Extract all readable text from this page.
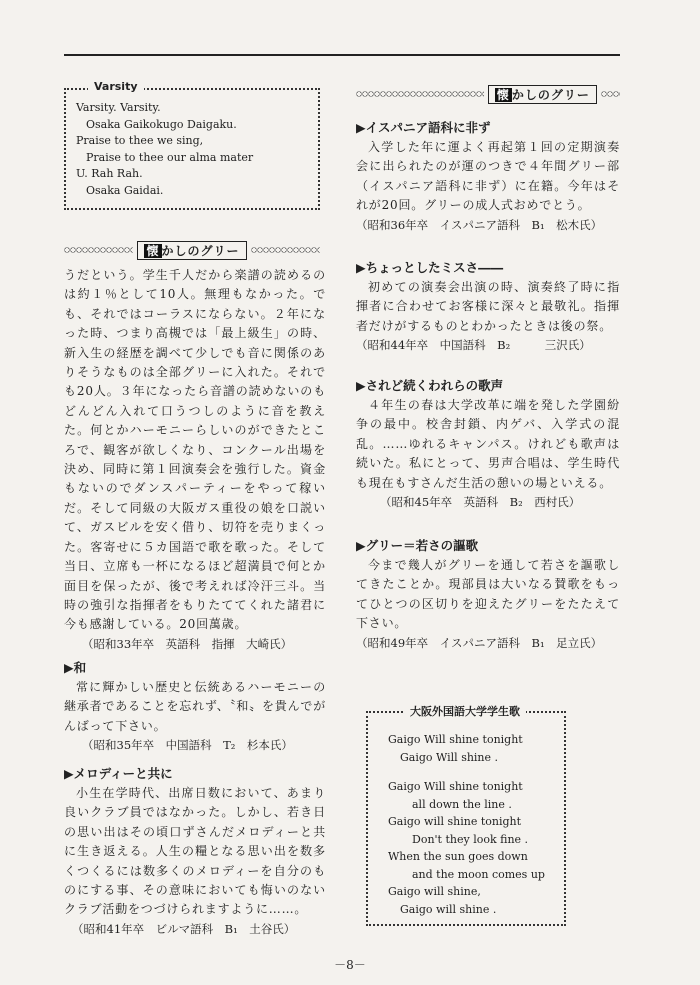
Varsity
Varsity. Varsity.
Osaka Gaikokugo Daigaku.
Praise to thee we sing,
Praise to thee our alma mater
U. Rah Rah.
Osaka Gaidai.
懐 かしのグリー

うだという。学生千人だから楽譜の読めるのは約１％として10人。無理もなかった。でも、それではコーラスにならない。２年になった時、つまり高槻では「最上級生」の時、新入生の経歴を調べて少しでも音に関係のありそうなものは全部グリーに入れた。それでも20人。３年になったら音譜の読めないのもどんどん入れて口うつしのように音を教えた。何とかハーモニーらしいのができたところで、観客が欲しくなり、コンクール出場を決め、同時に第１回演奏会を強行した。資金もないのでダンスパーティーをやって稼いだ。そして同級の大阪ガス重役の娘を口説いて、ガスビルを安く借り、切符を売りまくった。客寄せに５カ国語で歌を歌った。そして当日、立席も一杯になるほど超満員で何とか面目を保ったが、後で考えれば冷汗三斗。当時の強引な指揮者をもりたててくれた諸君に今も感謝している。20回萬歳。

（昭和33年卒　英語科　指揮　大崎氏）
▶和

常に輝かしい歴史と伝統あるハーモニーの継承者であることを忘れず、〝和〟を貴んでがんばって下さい。

（昭和35年卒　中国語科　T₂　杉本氏）
▶メロディーと共に

小生在学時代、出席日数において、あまり良いクラブ員ではなかった。しかし、若き日の思い出はその頃口ずさんだメロディーと共に生き返える。人生の糧となる思い出を数多くつくるには数多くのメロディーを自分のものにする事、その意味においても悔いのないクラブ活動をつづけられますように……。

（昭和41年卒　ビルマ語科　B₁　土谷氏）
懐 かしのグリー
▶イスパニア語科に非ず

入学した年に運よく再起第１回の定期演奏会に出られたのが運のつきで４年間グリー部（イスパニア語科に非ず）に在籍。今年はそれが20回。グリーの成人式おめでとう。

（昭和36年卒　イスパニア語科　B₁　松木氏）
▶ちょっとしたミスさ――

初めての演奏会出演の時、演奏終了時に指揮者に合わせてお客様に深々と最敬礼。指揮者だけがするものとわかったときは後の祭。

（昭和44年卒　中国語科　B₂　　　三沢氏）
▶されど続くわれらの歌声

４年生の春は大学改革に端を発した学園紛争の最中。校舎封鎖、内ゲバ、入学式の混乱。……ゆれるキャンパス。けれども歌声は続いた。私にとって、男声合唱は、学生時代も現在もすさんだ生活の憩いの場といえる。

（昭和45年卒　英語科　B₂　西村氏）
▶グリー＝若さの謳歌

今まで幾人がグリーを通して若さを謳歌してきたことか。現部員は大いなる賛歌をもってひとつの区切りを迎えたグリーをたたえて下さい。

（昭和49年卒　イスパニア語科　B₁　足立氏）
大阪外国語大学学生歌
Gaigo Will shine tonight
Gaigo Will shine .
Gaigo Will shine tonight
all down the line .
Gaigo will shine tonight
Don't they look fine .
When the sun goes down
and the moon comes up
Gaigo will shine,
Gaigo will shine .
－8－
